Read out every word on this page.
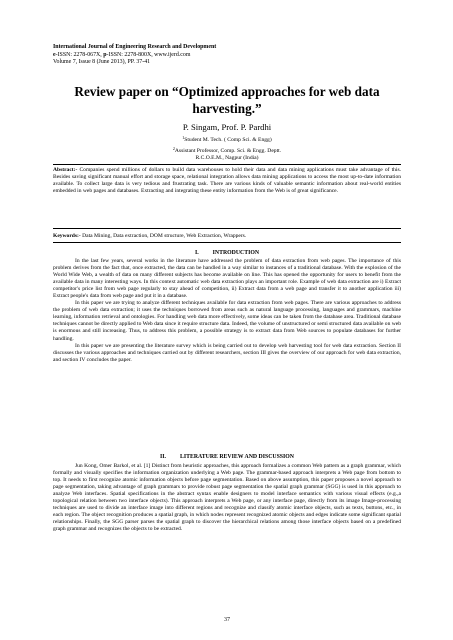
International Journal of Engineering Research and Development
e-ISSN: 2278-067X, p-ISSN: 2278-800X, www.ijerd.com
Volume 7, Issue 8 (June 2013), PP. 37-41
Review paper on “Optimized approaches for web data harvesting.”
P. Singam, Prof. P. Pardhi
$^1$Student M. Tech. ( Comp Sci. & Engg)
$^2$Assistant Professor, Comp. Sci. & Engg. Deptt.
R.C.O.E.M., Nagpur (India)
Abstract:- Companies spend millions of dollars to build data warehouses to hold their data and data mining applications must take advantage of this. Besides saving significant manual effort and storage space, relational integration allows data mining applications to access the most up-to-date information available. To collect large data is very tedious and frustrating task. There are various kinds of valuable semantic information about real-world entities embedded in web pages and databases. Extracting and integrating these entity information from the Web is of great significance.
Keywords:- Data Mining, Data extraction, DOM structure, Web Extraction, Wrappers.
I. INTRODUCTION

In the last few years, several works in the literature have addressed the problem of data extraction from web pages. The importance of this problem derives from the fact that, once extracted, the data can be handled in a way similar to instances of a traditional database. With the explosion of the World Wide Web, a wealth of data on many different subjects has become available on line. This has opened the opportunity for users to benefit from the available data in many interesting ways. In this context automatic web data extraction plays an important role. Example of web data extraction are i) Extract competitor's price list from web page regularly to stay ahead of competition, ii) Extract data from a web page and transfer it to another application iii) Extract people's data from web page and put it in a database.

In this paper we are trying to analyze different techniques available for data extraction from web pages. There are various approaches to address the problem of web data extraction; it uses the techniques borrowed from areas such as natural language processing, languages and grammars, machine learning, information retrieval and ontologies. For handling web data more effectively, some ideas can be taken from the database area. Traditional database techniques cannot be directly applied to Web data since it require structure data. Indeed, the volume of unstructured or semi structured data available on web is enormous and still increasing. Thus, to address this problem, a possible strategy is to extract data from Web sources to populate databases for further handling.

In this paper we are presenting the literature survey which is being carried out to develop web harvesting tool for web data extraction. Section II discusses the various approaches and techniques carried out by different researchers, section III gives the overview of our approach for web data extraction, and section IV concludes the paper.

II. LITERATURE REVIEW AND DISCUSSION

Jun Kong, Omer Barkol, et al. [1] Distinct from heuristic approaches, this approach formalizes a common Web pattern as a graph grammar, which formally and visually specifies the information organization underlying a Web page. The grammar-based approach interprets a Web page from bottom to top. It needs to first recognize atomic information objects before page segmentation. Based on above assumption, this paper proposes a novel approach to page segmentation, taking advantage of graph grammars to provide robust page segmentation the spatial graph grammar (SGG) is used in this approach to analyze Web interfaces. Spatial specifications in the abstract syntax enable designers to model interface semantics with various visual effects (e.g.,a topological relation between two interface objects). This approach interprets a Web page, or any interface page, directly from its image Image-processing techniques are used to divide an interface image into different regions and recognize and classify atomic interface objects, such as texts, buttons, etc., in each region. The object recognition produces a spatial graph, in which nodes represent recognized atomic objects and edges indicate some significant spatial relationships. Finally, the SGG parser parses the spatial graph to discover the hierarchical relations among those interface objects based on a predefined graph grammar and recognizes the objects to be extracted.

37
